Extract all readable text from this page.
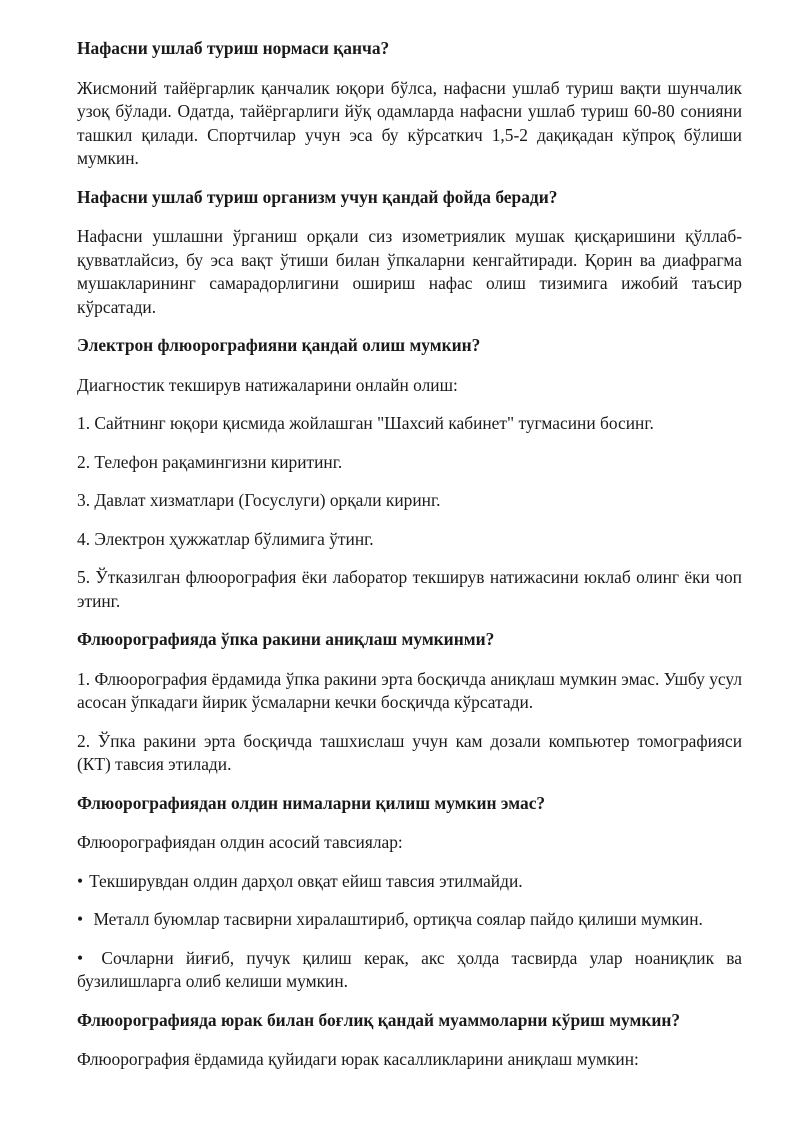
Нафасни ушлаб туриш нормаси қанча?
Жисмоний тайёргарлик қанчалик юқори бўлса, нафасни ушлаб туриш вақти шунчалик узоқ бўлади. Одатда, тайёргарлиги йўқ одамларда нафасни ушлаб туриш 60-80 сонияни ташкил қилади. Спортчилар учун эса бу кўрсаткич 1,5-2 дақиқадан кўпроқ бўлиши мумкин.
Нафасни ушлаб туриш организм учун қандай фойда беради?
Нафасни ушлашни ўрганиш орқали сиз изометриялик мушак қисқаришини қўллаб-қувватлайсиз, бу эса вақт ўтиши билан ўпкаларни кенгайтиради. Қорин ва диафрагма мушакларининг самарадорлигини ошириш нафас олиш тизимига ижобий таъсир кўрсатади.
Электрон флюорографияни қандай олиш мумкин?
Диагностик текширув натижаларини онлайн олиш:
1. Сайтнинг юқори қисмида жойлашган "Шахсий кабинет" тугмасини босинг.
2. Телефон рақамингизни киритинг.
3. Давлат хизматлари (Госуслуги) орқали киринг.
4. Электрон ҳужжатлар бўлимига ўтинг.
5. Ўтказилган флюорография ёки лаборатор текширув натижасини юклаб олинг ёки чоп этинг.
Флюорографияда ўпка ракини аниқлаш мумкинми?
1. Флюорография ёрдамида ўпка ракини эрта босқичда аниқлаш мумкин эмас. Ушбу усул асосан ўпкадаги йирик ўсмаларни кечки босқичда кўрсатади.
2. Ўпка ракини эрта босқичда ташхислаш учун кам дозали компьютер томографияси (КТ) тавсия этилади.
Флюорографиядан олдин нималарни қилиш мумкин эмас?
Флюорографиядан олдин асосий тавсиялар:
• Текширувдан олдин дарҳол овқат ейиш тавсия этилмайди.
• Металл буюмлар тасвирни хиралаштириб, ортиқча соялар пайдо қилиши мумкин.
• Сочларни йиғиб, пучук қилиш керак, акс ҳолда тасвирда улар ноаниқлик ва бузилишларга олиб келиши мумкин.
Флюорографияда юрак билан боғлиқ қандай муаммоларни кўриш мумкин?
Флюорография ёрдамида қуйидаги юрак касалликларини аниқлаш мумкин:
